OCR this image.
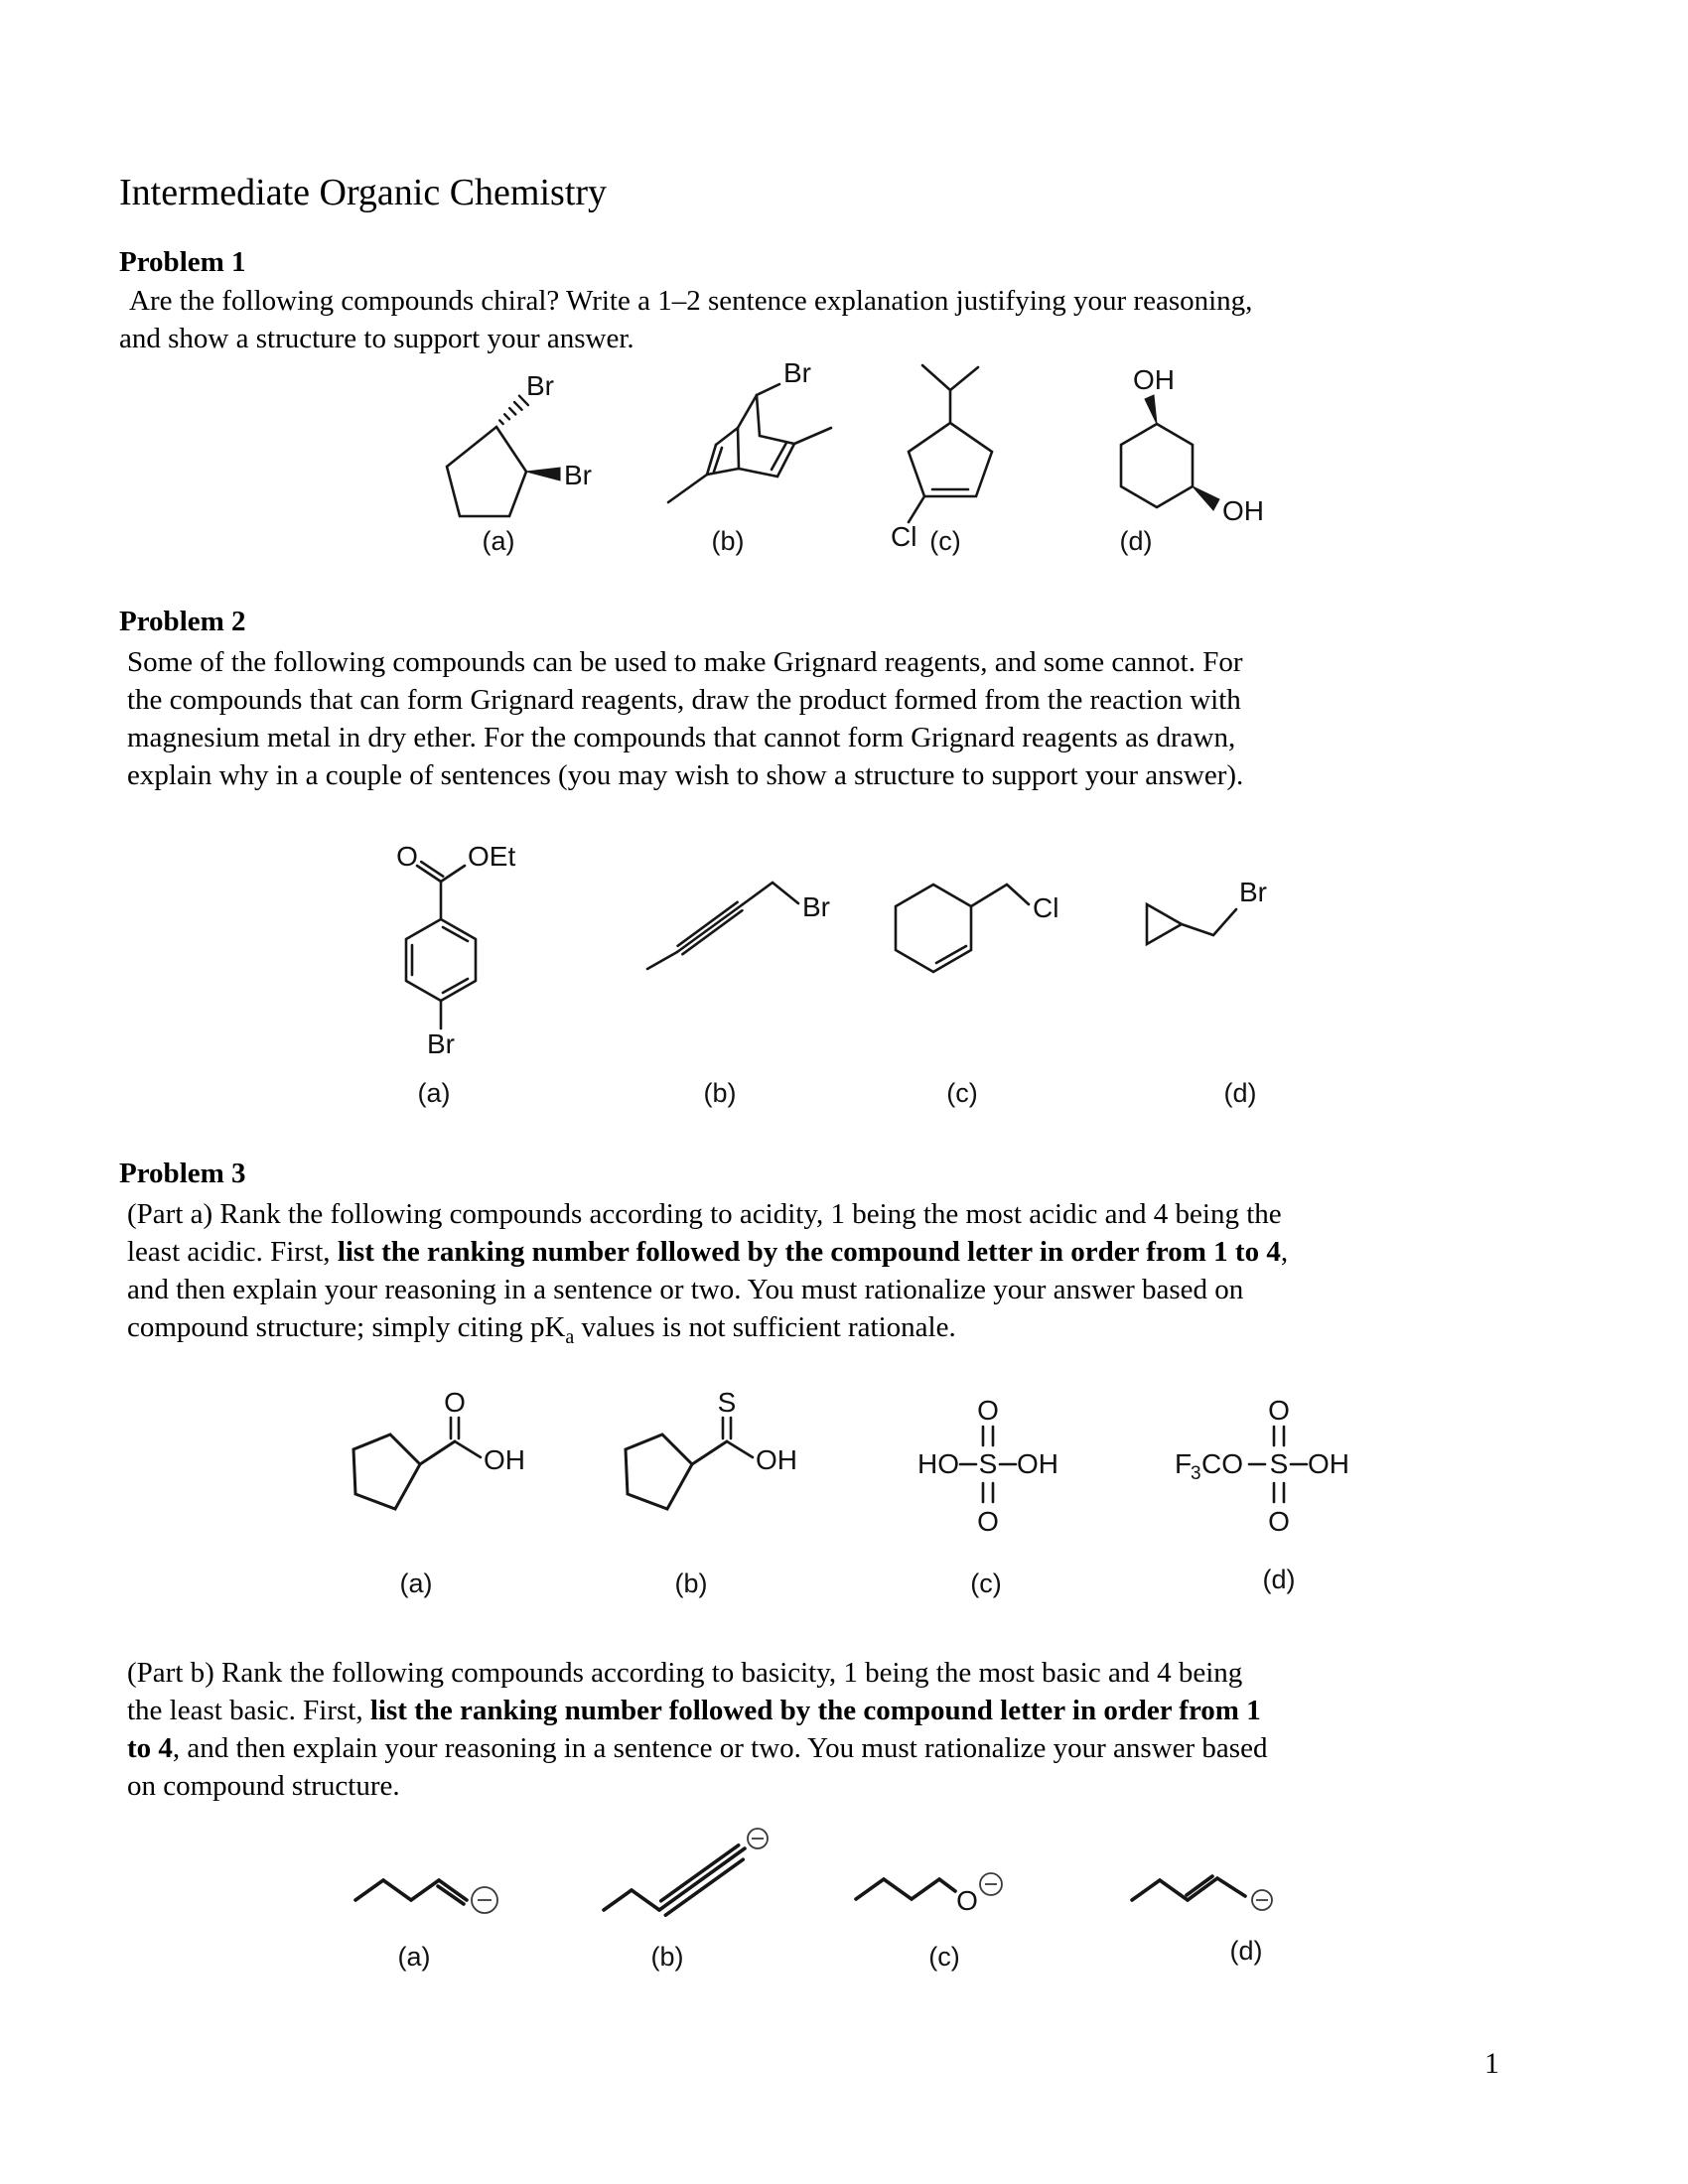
Intermediate Organic Chemistry
Problem 1
Are the following compounds chiral? Write a 1–2 sentence explanation justifying your reasoning,
and show a structure to support your answer.
Br
Br
Br
Cl
OH
OH
(a)	(b)	(c)	(d)
Problem 2
Some of the following compounds can be used to make Grignard reagents, and some cannot. For
the compounds that can form Grignard reagents, draw the product formed from the reaction with
magnesium metal in dry ether. For the compounds that cannot form Grignard reagents as drawn,
explain why in a couple of sentences (you may wish to show a structure to support your answer).
O OEt
Br
Br	Cl
Br
(a)	(b)	(c)	(d)
Problem 3
(Part a) Rank the following compounds according to acidity, 1 being the most acidic and 4 being the
least acidic. First, list the ranking number followed by the compound letter in order from 1 to 4,
and then explain your reasoning in a sentence or two. You must rationalize your answer based on
compound structure; simply citing $pK_a$ values is not sufficient rationale.
O
OH
S
OH
O
HO S OH
O
F
3 CO S OH
O
O
(a)	(b)	(c)	(d)
(Part b) Rank the following compounds according to basicity, 1 being the most basic and 4 being
the least basic. First, list the ranking number followed by the compound letter in order from 1
to 4, and then explain your reasoning in a sentence or two. You must rationalize your answer based
on compound structure.
O
(a)	(b)	(c)	(d)
1
